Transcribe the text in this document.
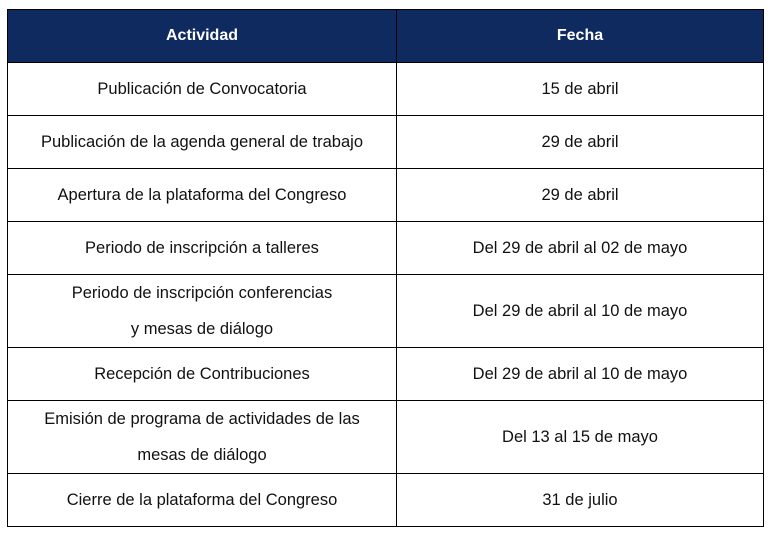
Actividad	Fecha

Publicación de Convocatoria	15 de abril

Publicación de la agenda general de trabajo	29 de abril

Apertura de la plataforma del Congreso	29 de abril

Periodo de inscripción a talleres	Del 29 de abril al 02 de mayo

Periodo de inscripción conferencias
y mesas de diálogo	Del 29 de abril al 10 de mayo

Recepción de Contribuciones	Del 29 de abril al 10 de mayo

Emisión de programa de actividades de las
mesas de diálogo	Del 13 al 15 de mayo

Cierre de la plataforma del Congreso	31 de julio
